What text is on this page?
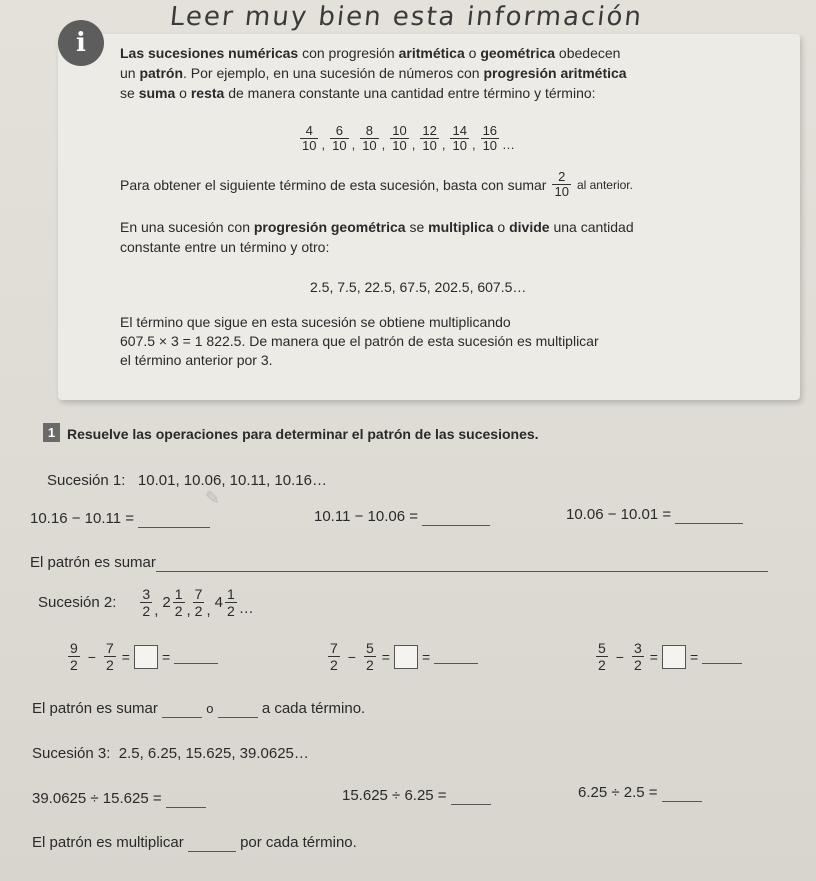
Leer muy bien esta información
i	Las sucesiones numéricas con progresión aritmética o geométrica obedecen
un patrón. Por ejemplo, en una sucesión de números con progresión aritmética
se suma o resta de manera constante una cantidad entre término y término:
$\frac{4}{10}$ , $\frac{6}{10}$ , $\frac{8}{10}$ , $\frac{10}{10}$ , $\frac{12}{10}$ , $\frac{14}{10}$ , $\frac{16}{10}$ …
Para obtener el siguiente término de esta sucesión, basta con sumar $\frac{2}{10}$ al anterior.
En una sucesión con progresión geométrica se multiplica o divide una cantidad
constante entre un término y otro:
2.5, 7.5, 22.5, 67.5, 202.5, 607.5…
El término que sigue en esta sucesión se obtiene multiplicando
607.5 × 3 = 1 822.5. De manera que el patrón de esta sucesión es multiplicar
el término anterior por 3.
1 Resuelve las operaciones para determinar el patrón de las sucesiones.
Sucesión 1: 10.01, 10.06, 10.11, 10.16…
✎
10.16 − 10.11 =	10.11 − 10.06 =	10.06 − 10.01 =
El patrón es sumar
Sucesión 2: $\frac{3}{2}$ , $2 \frac{1}{2}$ , $\frac{7}{2}$ , $4 \frac{1}{2}$ …
$\frac{9}{2} - \frac{7}{2}$ = =	$\frac{7}{2} - \frac{5}{2}$ = =	$\frac{5}{2} - \frac{3}{2}$ = =
El patrón es sumar	o	a cada término.
Sucesión 3: 2.5, 6.25, 15.625, 39.0625…
39.0625 ÷ 15.625 =	15.625 ÷ 6.25 =	6.25 ÷ 2.5 =
El patrón es multiplicar	por cada término.
